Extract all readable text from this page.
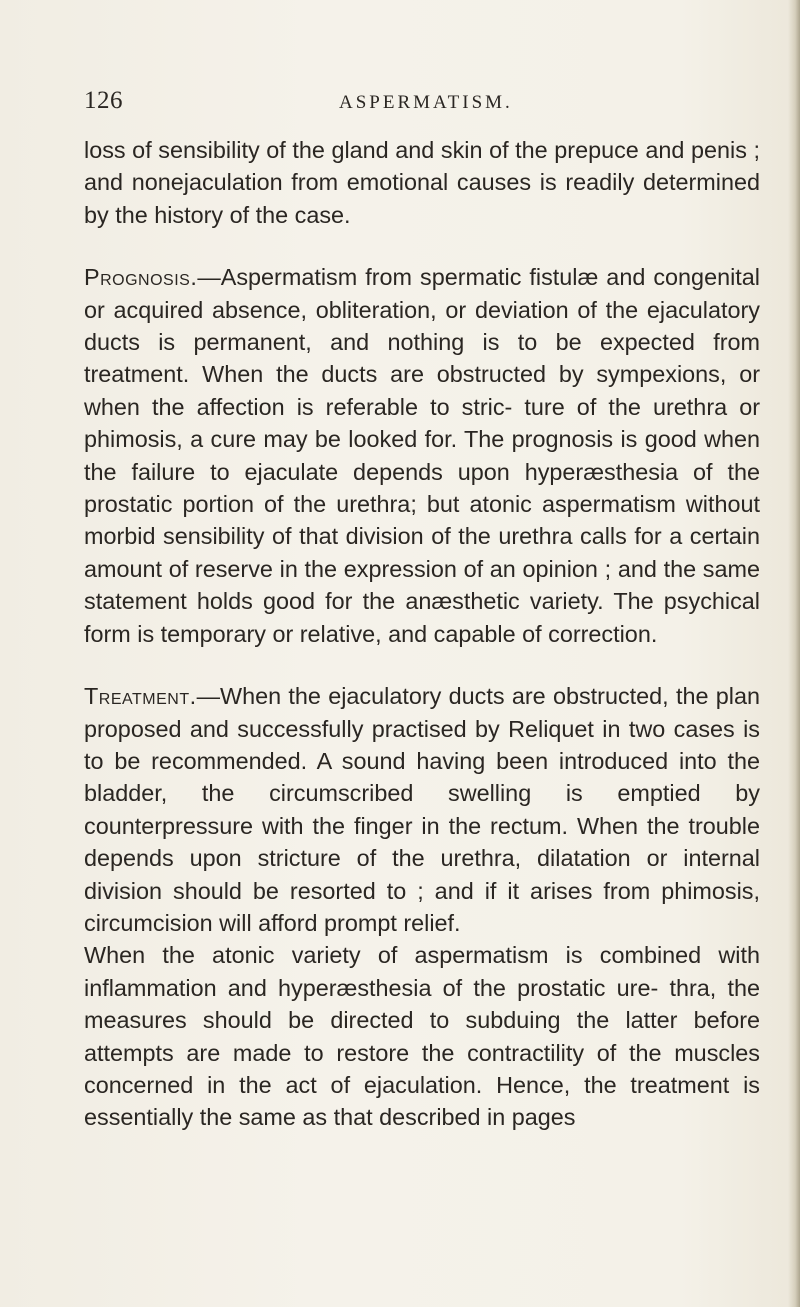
126	ASPERMATISM.

loss of sensibility of the gland and skin of the prepuce and penis ; and nonejaculation from emotional causes is readily determined by the history of the case.

Prognosis.—Aspermatism from spermatic fistulæ and congenital or acquired absence, obliteration, or deviation of the ejaculatory ducts is permanent, and nothing is to be expected from treatment. When the ducts are obstructed by sympexions, or when the affection is referable to stric- ture of the urethra or phimosis, a cure may be looked for. The prognosis is good when the failure to ejaculate depends upon hyperæsthesia of the prostatic portion of the urethra; but atonic aspermatism without morbid sensibility of that division of the urethra calls for a certain amount of reserve in the expression of an opinion ; and the same statement holds good for the anæsthetic variety. The psychical form is temporary or relative, and capable of correction.

Treatment.—When the ejaculatory ducts are obstructed, the plan proposed and successfully practised by Reliquet in two cases is to be recommended. A sound having been introduced into the bladder, the circumscribed swelling is emptied by counterpressure with the finger in the rectum. When the trouble depends upon stricture of the urethra, dilatation or internal division should be resorted to ; and if it arises from phimosis, circumcision will afford prompt relief.

When the atonic variety of aspermatism is combined with inflammation and hyperæsthesia of the prostatic ure- thra, the measures should be directed to subduing the latter before attempts are made to restore the contractility of the muscles concerned in the act of ejaculation. Hence, the treatment is essentially the same as that described in pages
